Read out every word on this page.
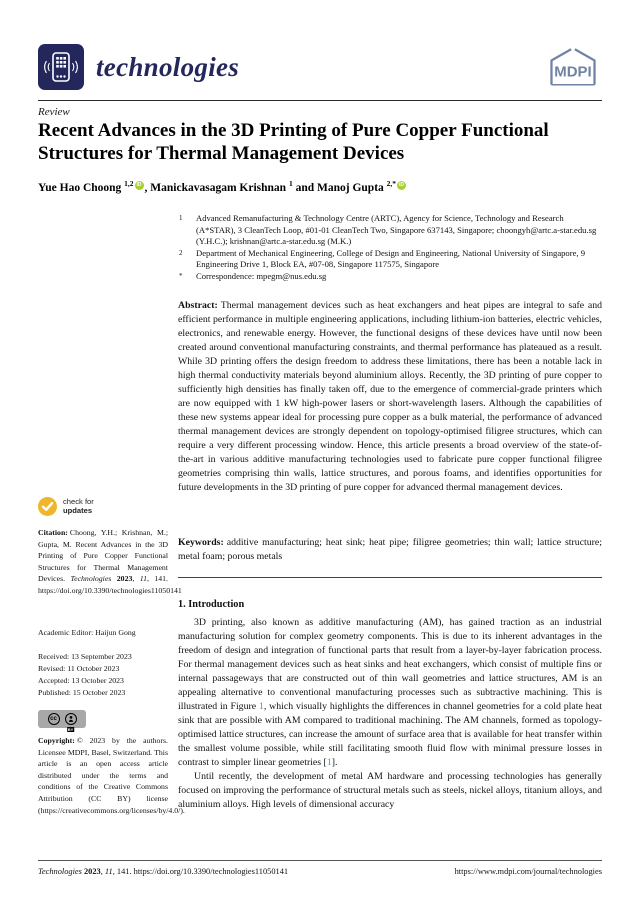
technologies	MDPI
Review
Recent Advances in the 3D Printing of Pure Copper Functional
Structures for Thermal Management Devices
Yue Hao Choong $^{1,2}$ iD , Manickavasagam Krishnan $^1$ and Manoj Gupta $^{2,*}$ iD
1	Advanced Remanufacturing & Technology Centre (ARTC), Agency for Science, Technology and Research (A*STAR), 3 CleanTech Loop, #01-01 CleanTech Two, Singapore 637143, Singapore; choongyh@artc.a-star.edu.sg (Y.H.C.); krishnan@artc.a-star.edu.sg (M.K.)
2	Department of Mechanical Engineering, College of Design and Engineering, National University of Singapore, 9 Engineering Drive 1, Block EA, #07-08, Singapore 117575, Singapore
*	Correspondence: mpegm@nus.edu.sg
Abstract: Thermal management devices such as heat exchangers and heat pipes are integral to safe and efficient performance in multiple engineering applications, including lithium-ion batteries, electric vehicles, electronics, and renewable energy. However, the functional designs of these devices have until now been created around conventional manufacturing constraints, and thermal performance has plateaued as a result. While 3D printing offers the design freedom to address these limitations, there has been a notable lack in high thermal conductivity materials beyond aluminium alloys. Recently, the 3D printing of pure copper to sufficiently high densities has finally taken off, due to the emergence of commercial-grade printers which are now equipped with 1 kW high-power lasers or short-wavelength lasers. Although the capabilities of these new systems appear ideal for processing pure copper as a bulk material, the performance of advanced thermal management devices are strongly dependent on topology-optimised filigree structures, which can require a very different processing window. Hence, this article presents a broad overview of the state-of-the-art in various additive manufacturing technologies used to fabricate pure copper functional filigree geometries comprising thin walls, lattice structures, and porous foams, and identifies opportunities for future developments in the 3D printing of pure copper for advanced thermal management devices.
Keywords: additive manufacturing; heat sink; heat pipe; filigree geometries; thin wall; lattice structure; metal foam; porous metals
1. Introduction

3D printing, also known as additive manufacturing (AM), has gained traction as an industrial manufacturing solution for complex geometry components. This is due to its inherent advantages in the freedom of design and integration of functional parts that result from a layer-by-layer fabrication process. For thermal management devices such as heat sinks and heat exchangers, which consist of multiple fins or internal passageways that are constructed out of thin wall geometries and lattice structures, AM is an appealing alternative to conventional manufacturing processes such as subtractive machining. This is illustrated in Figure 1, which visually highlights the differences in channel geometries for a cold plate heat sink that are possible with AM compared to traditional machining. The AM channels, formed as topology-optimised lattice structures, can increase the amount of surface area that is available for heat transfer within the smallest volume possible, while still facilitating smooth fluid flow with minimal pressure losses in contrast to simpler linear geometries [1].

Until recently, the development of metal AM hardware and processing technologies has generally focused on improving the performance of structural metals such as steels, nickel alloys, titanium alloys, and aluminium alloys. High levels of dimensional accuracy

check for
updates
Citation: Choong, Y.H.; Krishnan, M.; Gupta, M. Recent Advances in the 3D Printing of Pure Copper Functional Structures for Thermal Management Devices. Technologies 2023, 11, 141. https://doi.org/10.3390/technologies11050141
Academic Editor: Haijun Gong
Received: 13 September 2023
Revised: 11 October 2023
Accepted: 13 October 2023
Published: 15 October 2023
cc
BY
Copyright: © 2023 by the authors. Licensee MDPI, Basel, Switzerland. This article is an open access article distributed under the terms and conditions of the Creative Commons Attribution (CC BY) license (https://creativecommons.org/licenses/by/4.0/).
Technologies 2023, 11, 141. https://doi.org/10.3390/technologies11050141	https://www.mdpi.com/journal/technologies
